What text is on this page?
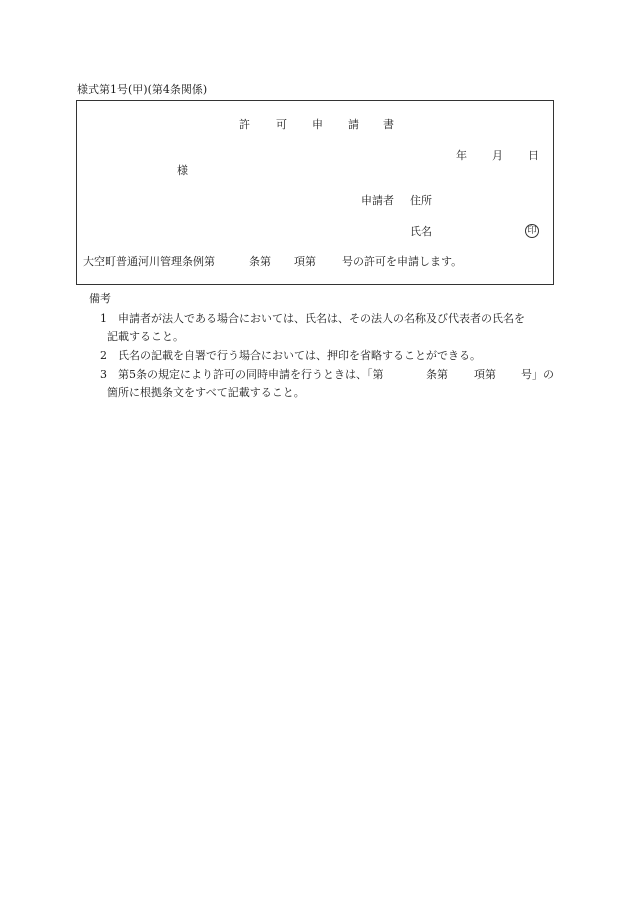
様式第1号(甲)(第4条関係)
許 可 申 請 書
年 月 日
様
申請者 住所
氏名	印
大空町普通河川管理条例第	条第 項第 号の許可を申請します。
備考
1 申請者が法人である場合においては、氏名は、その法人の名称及び代表者の氏名を
記載すること。
2 氏名の記載を自署で行う場合においては、押印を省略することができる。
3 第5条の規定により許可の同時申請を行うときは、「第	条第 項第 号」の
箇所に根拠条文をすべて記載すること。
